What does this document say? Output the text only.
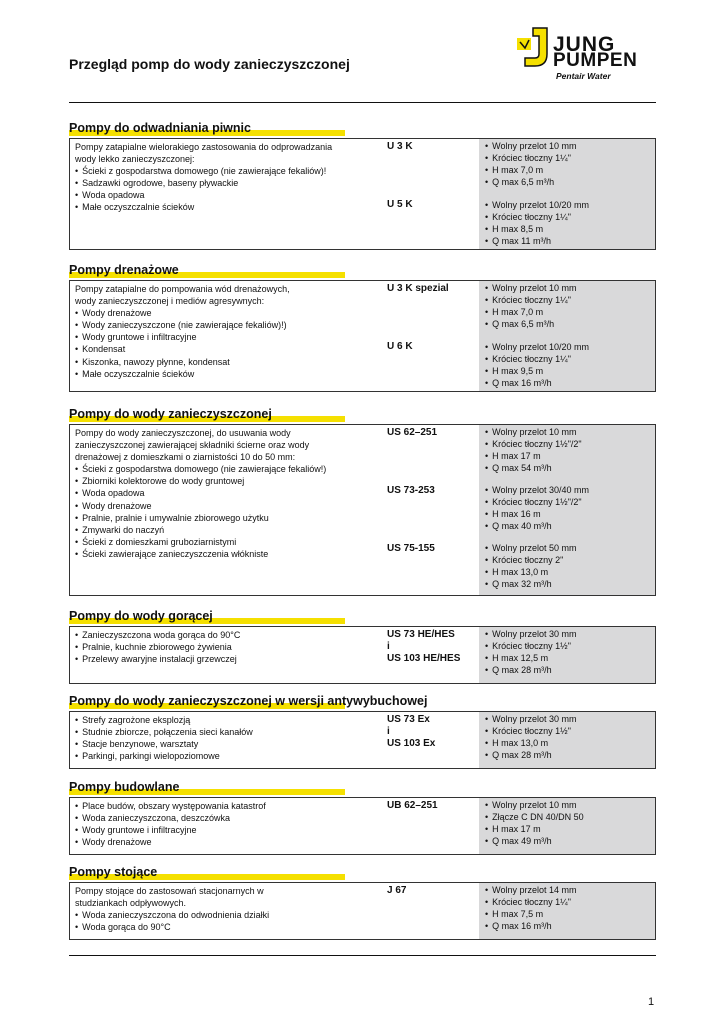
Przegląd pomp do wody zanieczyszczonej
JUNG
PUMPEN
Pentair Water
Pompy do odwadniania piwnic
Pompy zatapialne wielorakiego zastosowania do odprowadzania
wody lekko zanieczyszczonej:
• Ścieki z gospodarstwa domowego (nie zawierające fekaliów)!
• Sadzawki ogrodowe, baseny pływackie
• Woda opadowa
• Małe oczyszczalnie ścieków
U 3 K
U 5 K
• Wolny przelot 10 mm
• Króciec tłoczny 1¼"
• H max 7,0 m
• Q max 6,5 m³/h
• Wolny przelot 10/20 mm
• Króciec tłoczny 1¼"
• H max 8,5 m
• Q max 11 m³/h
Pompy drenażowe
Pompy zatapialne do pompowania wód drenażowych,
wody zanieczyszczonej i mediów agresywnych:
• Wody drenażowe
• Wody zanieczyszczone (nie zawierające fekaliów)!)
• Wody gruntowe i infiltracyjne
• Kondensat
• Kiszonka, nawozy płynne, kondensat
• Małe oczyszczalnie ścieków
U 3 K spezial
U 6 K
• Wolny przelot 10 mm
• Króciec tłoczny 1¼"
• H max 7,0 m
• Q max 6,5 m³/h
• Wolny przelot 10/20 mm
• Króciec tłoczny 1¼"
• H max 9,5 m
• Q max 16 m³/h
Pompy do wody zanieczyszczonej
Pompy do wody zanieczyszczonej, do usuwania wody
zanieczyszczonej zawierającej składniki ścierne oraz wody
drenażowej z domieszkami o ziarnistości 10 do 50 mm:
• Ścieki z gospodarstwa domowego (nie zawierające fekaliów!)
• Zbiorniki kolektorowe do wody gruntowej
• Woda opadowa
• Wody drenażowe
• Pralnie, pralnie i umywalnie zbiorowego użytku
• Zmywarki do naczyń
• Ścieki z domieszkami gruboziarnistymi
• Ścieki zawierające zanieczyszczenia włókniste
US 62–251
US 73-253
US 75-155
• Wolny przelot 10 mm
• Króciec tłoczny 1½"/2"
• H max 17 m
• Q max 54 m³/h
• Wolny przelot 30/40 mm
• Króciec tłoczny 1½"/2"
• H max 16 m
• Q max 40 m³/h
• Wolny przelot 50 mm
• Króciec tłoczny 2"
• H max 13,0 m
• Q max 32 m³/h
Pompy do wody gorącej
• Zanieczyszczona woda gorąca do 90°C
• Pralnie, kuchnie zbiorowego żywienia
• Przelewy awaryjne instalacji grzewczej
US 73 HE/HES
i
US 103 HE/HES
• Wolny przelot 30 mm
• Króciec tłoczny 1½"
• H max 12,5 m
• Q max 28 m³/h
Pompy do wody zanieczyszczonej w wersji antywybuchowej
• Strefy zagrożone eksplozją
• Studnie zbiorcze, połączenia sieci kanałów
• Stacje benzynowe, warsztaty
• Parkingi, parkingi wielopoziomowe
US 73 Ex
i
US 103 Ex
• Wolny przelot 30 mm
• Króciec tłoczny 1½"
• H max 13,0 m
• Q max 28 m³/h
Pompy budowlane
• Place budów, obszary występowania katastrof
• Woda zanieczyszczona, deszczówka
• Wody gruntowe i infiltracyjne
• Wody drenażowe
UB 62–251	• Wolny przelot 10 mm
• Złącze C DN 40/DN 50
• H max 17 m
• Q max 49 m³/h
Pompy stojące
Pompy stojące do zastosowań stacjonarnych w
studziankach odpływowych.
• Woda zanieczyszczona do odwodnienia działki
• Woda gorąca do 90°C
J 67	• Wolny przelot 14 mm
• Króciec tłoczny 1¼"
• H max 7,5 m
• Q max 16 m³/h
1
